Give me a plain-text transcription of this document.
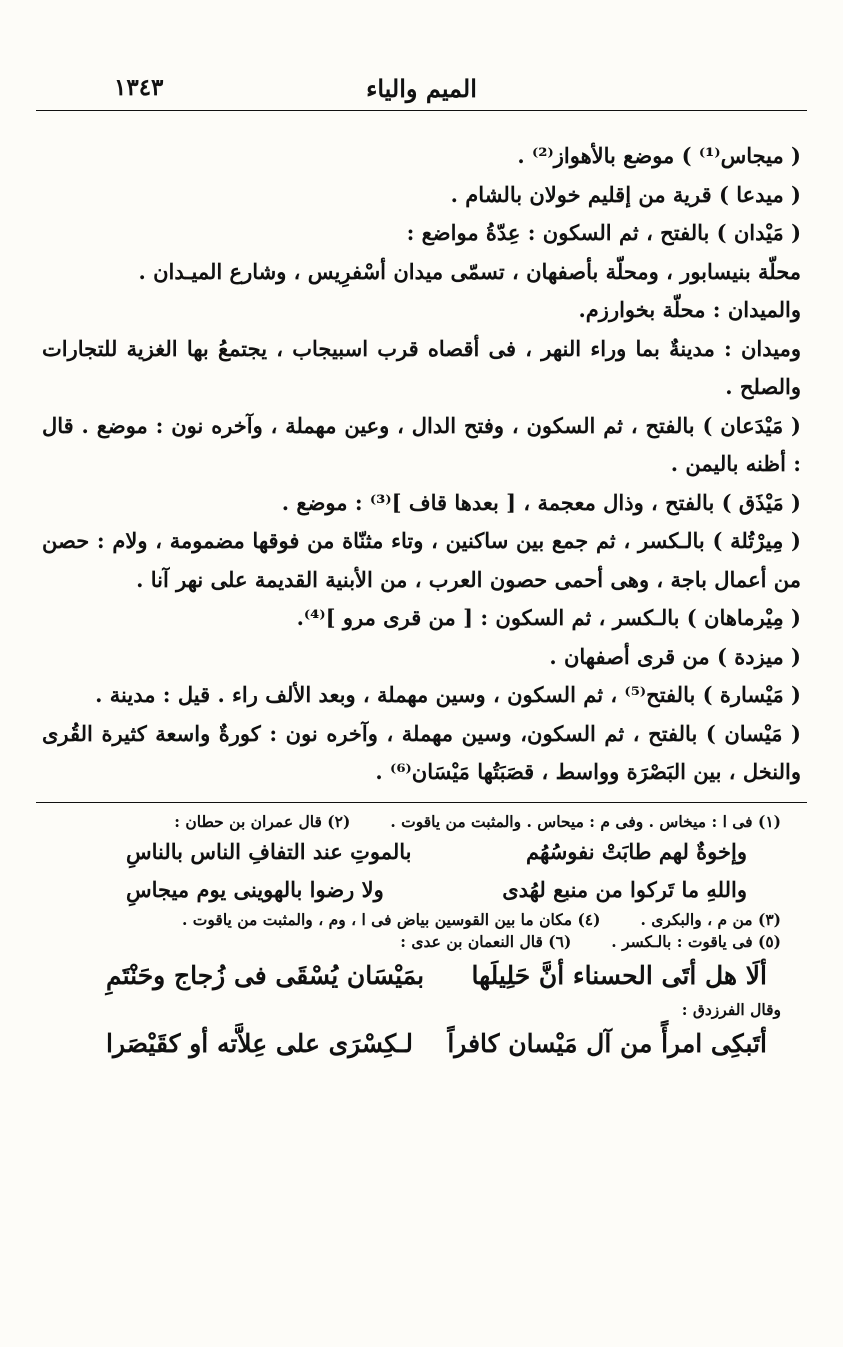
الميم والياء
١٣٤٣

( ميجاس⁽¹⁾ ) موضع بالأهواز⁽²⁾ .

( ميدعا ) قرية من إقليم خولان بالشام .

( مَيْدان ) بالفتح ، ثم السكون : عِدّةُ مواضع :

محلّة بنيسابور ، ومحلّة بأصفهان ، تسمّى ميدان أسْفرِيس ، وشارع الميـدان .

والميدان : محلّة بخوارزم.

وميدان : مدينةٌ بما وراء النهر ، فى أقصاه قرب اسبيجاب ، يجتمعُ بها الغزية للتجارات والصلح .

( مَيْدَعان ) بالفتح ، ثم السكون ، وفتح الدال ، وعين مهملة ، وآخره نون : موضع . قال : أظنه باليمن .

( مَيْذَق ) بالفتح ، وذال معجمة ، [ بعدها قاف ]⁽³⁾ : موضع .

( مِيرْتُلة ) بالـكسر ، ثم جمع بين ساكنين ، وتاء مثنّاة من فوقها مضمومة ، ولام : حصن من أعمال باجة ، وهى أحمى حصون العرب ، من الأبنية القديمة على نهر آنا .

( مِيْرماهان ) بالـكسر ، ثم السكون : [ من قرى مرو ]⁽⁴⁾.

( ميزدة ) من قرى أصفهان .

( مَيْسارة ) بالفتح⁽⁵⁾ ، ثم السكون ، وسين مهملة ، وبعد الألف راء . قيل : مدينة .

( مَيْسان ) بالفتح ، ثم السكون، وسين مهملة ، وآخره نون : كورةٌ واسعة كثيرة القُرى والنخل ، بين البَصْرَة وواسط ، قصَبَتُها مَيْسَان⁽⁶⁾ .

(١) فى ا : ميخاس . وفى م : ميحاس . والمثبت من ياقوت .
(٢) قال عمران بن حطان :
وإخوةٌ لهم طابَتْ نفوسُهُم
بالموتِ عند التفافِ الناس بالناسِ
واللهِ ما تَركوا من منبع لهُدى
ولا رضوا بالهوينى يوم ميجاسِ
(٣) من م ، والبكرى .
(٤) مكان ما بين القوسين بياض فى ا ، وم ، والمثبت من ياقوت .
(٥) فى ياقوت : بالـكسر .
(٦) قال النعمان بن عدى :
ألَا هل أتَى الحسناء أنَّ حَلِيلَها
بمَيْسَان يُسْقَى فى زُجاج وحَنْتَمِ
وقال الفرزدق :
أتَبكِى امرأً من آل مَيْسان كافراً
لـكِسْرَى على عِلاَّته أو كقَيْصَرا
